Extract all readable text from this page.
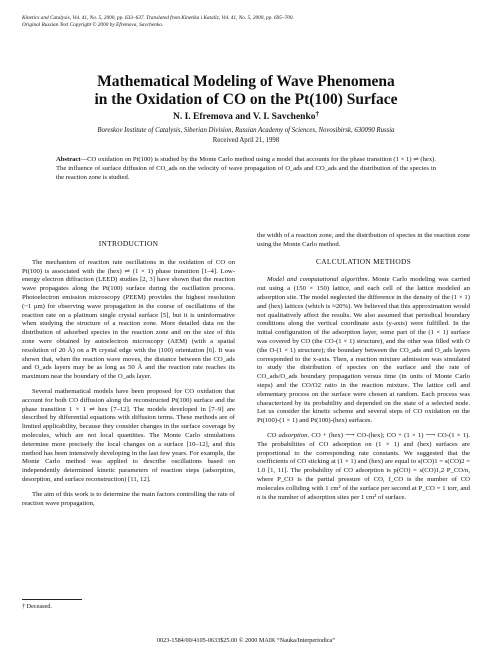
Kinetics and Catalysis, Vol. 41, No. 5, 2000, pp. 633–637. Translated from Kinetika i Kataliz, Vol. 41, No. 5, 2000, pp. 695–700.
Original Russian Text Copyright © 2000 by Efremova, Savchenko.
Mathematical Modeling of Wave Phenomena
in the Oxidation of CO on the Pt(100) Surface
N. I. Efremova and V. I. Savchenko†
Boreskov Institute of Catalysis, Siberian Division, Russian Academy of Sciences, Novosibirsk, 630090 Russia
Received April 21, 1998
Abstract—CO oxidation on Pt(100) is studied by the Monte Carlo method using a model that accounts for the phase transition (1 × 1) ⇌ (hex). The influence of surface diffusion of CO_ads on the velocity of wave propagation of O_ads and CO_ads and the distribution of the species in the reaction zone is studied.
INTRODUCTION
The mechanism of reaction rate oscillations in the oxidation of CO on Pt(100) is associated with the (hex) ⇌ (1 × 1) phase transition [1–4]. Low-energy electron diffraction (LEED) studies [2, 3] have shown that the reaction wave propagates along the Pt(100) surface during the oscillation process. Photoelectron emission microscopy (PEEM) provides the highest resolution (~1 μm) for observing wave propagation in the course of oscillations of the reaction rate on a platinum single crystal surface [5], but it is uninformative when studying the structure of a reaction zone. More detailed data on the distribution of adsorbed species in the reaction zone and on the size of this zone were obtained by autoelectron microscopy (AEM) (with a spatial resolution of 20 Å) on a Pt crystal edge with the (100) orientation [6]. It was shown that, when the reaction wave moves, the distance between the CO_ads and O_ads layers may be as long as 50 Å and the reaction rate reaches its maximum near the boundary of the O_ads layer.
Several mathematical models have been proposed for CO oxidation that account for both CO diffusion along the reconstructed Pt(100) surface and the phase transition 1 × 1 ⇌ hex [7–12]. The models developed in [7–9] are described by differential equations with diffusion terms. These methods are of limited applicability, because they consider changes in the surface coverage by molecules, which are not local quantities. The Monte Carlo simulations determine more precisely the local changes on a surface [10–12], and this method has been intensively developing in the last few years. For example, the Monte Carlo method was applied to describe oscillations based on independently determined kinetic parameters of reaction steps (adsorption, desorption, and surface reconstruction) [11, 12].
The aim of this work is to determine the main factors controlling the rate of reaction wave propagation,
the width of a reaction zone, and the distribution of species in the reaction zone using the Monte Carlo method.
CALCULATION METHODS
Model and computational algorithm. Monte Carlo modeling was carried out using a (150 × 150) lattice, and each cell of the lattice modeled an adsorption site. The model neglected the difference in the density of the (1 × 1) and (hex) lattices (which is ≈20%). We believed that this approximation would not qualitatively affect the results. We also assumed that periodical boundary conditions along the vertical coordinate axis (y-axis) were fulfilled. In the initial configuration of the adsorption layer, some part of the (1 × 1) surface was covered by CO (the CO-(1 × 1) structure), and the other was filled with O (the O-(1 × 1) structure); the boundary between the CO_ads and O_ads layers corresponded to the x-axis. Then, a reaction mixture admission was simulated to study the distribution of species on the surface and the rate of CO_ads/O_ads boundary propagation versus time (in units of Monte Carlo steps) and the CO/O2 ratio in the reaction mixture. The lattice cell and elementary process on the surface were chosen at random. Each process was characterized by its probability and depended on the state of a selected node. Let us consider the kinetic scheme and several steps of CO oxidation on the Pt(100)-(1 × 1) and Pt(100)-(hex) surfaces.
CO adsorption. CO + (hex) ⟶ CO-(hex); CO + (1 × 1) ⟶ CO-(1 × 1). The probabilities of CO adsorption on (1 × 1) and (hex) surfaces are proportional to the corresponding rate constants. We suggested that the coefficients of CO sticking at (1 × 1) and (hex) are equal to s(CO)1 = s(CO)2 = 1.0 [1, 11]. The probability of CO adsorption is p(CO) = s(CO)1,2 P_CO/n, where P_CO is the partial pressure of CO, f_CO is the number of CO molecules colliding with 1 cm² of the surface per second at P_CO = 1 torr, and n is the number of adsorption sites per 1 cm² of surface.
† Deceased.
0023-1584/00/4105-0633$25.00 © 2000 MAIK “Nauka/Interperiodica”
